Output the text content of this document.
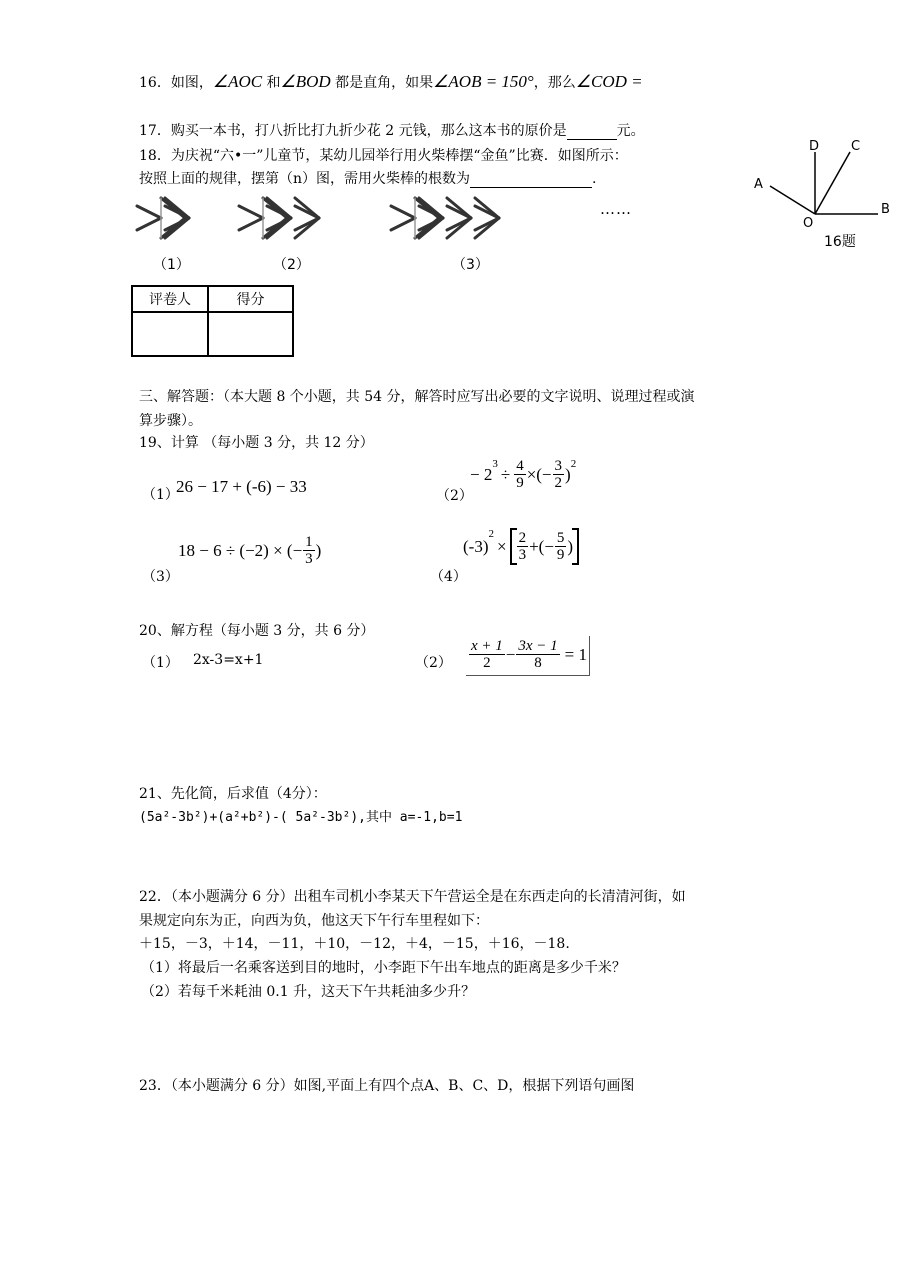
16．如图，∠AOC 和∠BOD 都是直角，如果∠AOB = 150°，那么∠COD =
17．购买一本书，打八折比打九折少花 2 元钱，那么这本书的原价是	元。
18．为庆祝“六•一”儿童节，某幼儿园举行用火柴棒摆“金鱼”比赛．如图所示：
按照上面的规律，摆第（n）图，需用火柴棒的根数为	.
……
（1）	（2）	（3）
D C
A
O
B
16题
评卷人	得分

三、解答题：（本大题 8 个小题，共 54 分，解答时应写出必要的文字说明、说理过程或演
算步骤）。
19、计算 （每小题 3 分，共 12 分）
（1）
26 − 17 + (-6) − 33	（2）
− 2
$^3$
÷ $\frac{4}{9}$ ×(− $\frac{3}{2}$ )
$^2$
（3）
18 − 6 ÷ (−2) × (− $\frac{1}{3}$ )
（4）
(-3)
$^2$
× $\frac{2}{3}$ +(− $\frac{5}{9}$ )
20、解方程（每小题 3 分，共 6 分）
（1） 2x-3=x+1	$(2) \frac{x + 1}{2} - \frac{3x - 1}{8} = 1$
21、先化简，后求值（4分）：
(5a²-3b²)+(a²+b²)-( 5a²-3b²),其中 a=-1,b=1
22．（本小题满分 6 分）出租车司机小李某天下午营运全是在东西走向的长清清河街，如
果规定向东为正，向西为负，他这天下午行车里程如下：
＋15，－3，＋14，－11，＋10，－12，＋4，－15，＋16，－18.
（1）将最后一名乘客送到目的地时，小李距下午出车地点的距离是多少千米？
（2）若每千米耗油 0.1 升，这天下午共耗油多少升？
23．（本小题满分 6 分）如图,平面上有四个点A、B、C、D，根据下列语句画图
